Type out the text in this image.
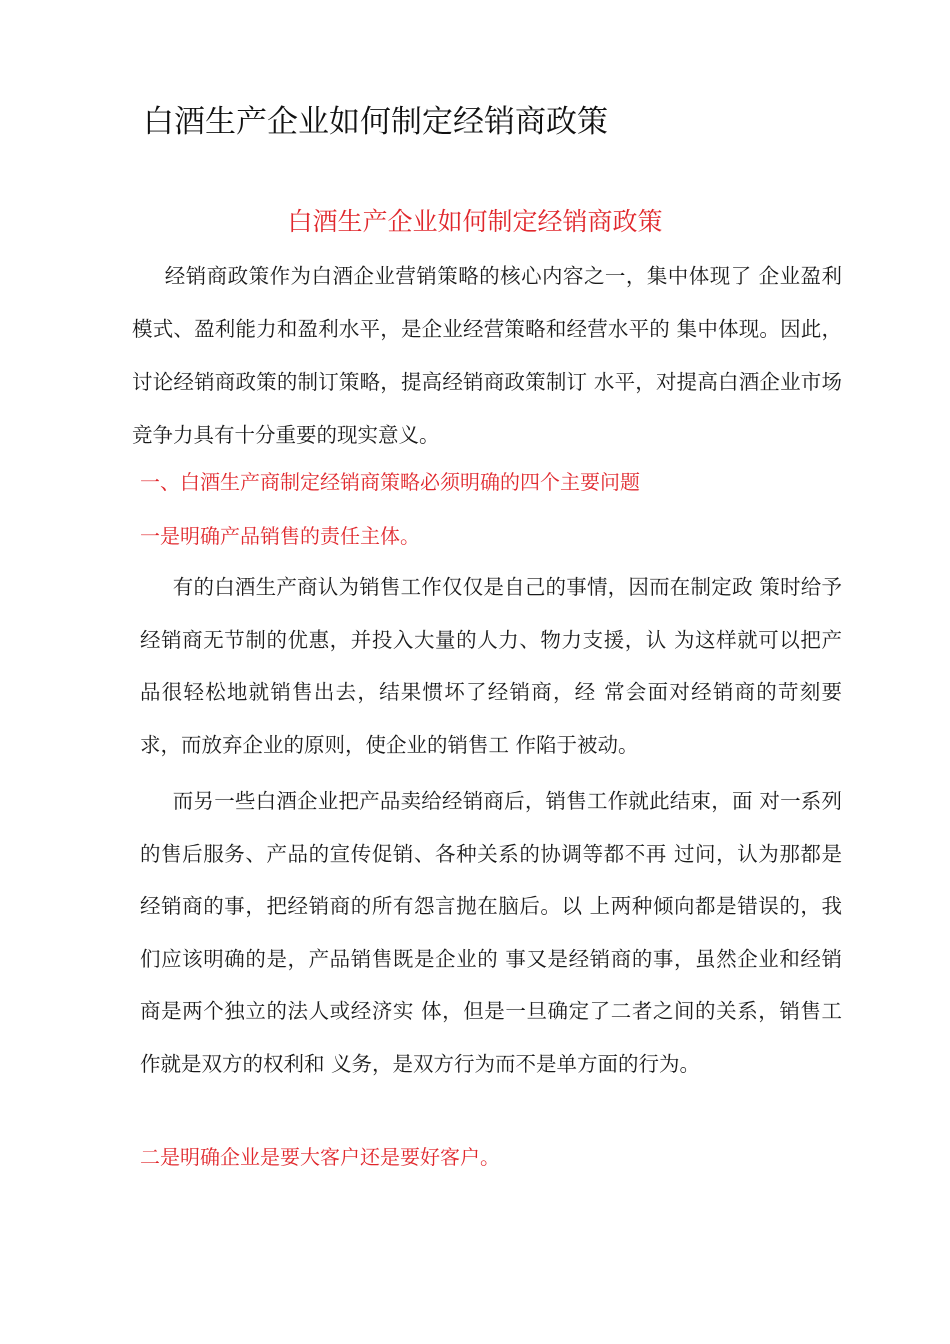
白酒生产企业如何制定经销商政策
白酒生产企业如何制定经销商政策

经销商政策作为白酒企业营销策略的核心内容之一，集中体现了 企业盈利模式、盈利能力和盈利水平，是企业经营策略和经营水平的 集中体现。因此，讨论经销商政策的制订策略，提高经销商政策制订 水平，对提高白酒企业市场竞争力具有十分重要的现实意义。

一、白酒生产商制定经销商策略必须明确的四个主要问题
一是明确产品销售的责任主体。

有的白酒生产商认为销售工作仅仅是自己的事情，因而在制定政 策时给予经销商无节制的优惠，并投入大量的人力、物力支援，认 为这样就可以把产品很轻松地就销售出去，结果惯坏了经销商，经 常会面对经销商的苛刻要求，而放弃企业的原则，使企业的销售工 作陷于被动。

而另一些白酒企业把产品卖给经销商后，销售工作就此结束，面 对一系列的售后服务、产品的宣传促销、各种关系的协调等都不再 过问，认为那都是经销商的事，把经销商的所有怨言抛在脑后。以 上两种倾向都是错误的，我们应该明确的是，产品销售既是企业的 事又是经销商的事，虽然企业和经销商是两个独立的法人或经济实 体，但是一旦确定了二者之间的关系，销售工作就是双方的权利和 义务，是双方行为而不是单方面的行为。

二是明确企业是要大客户还是要好客户。
